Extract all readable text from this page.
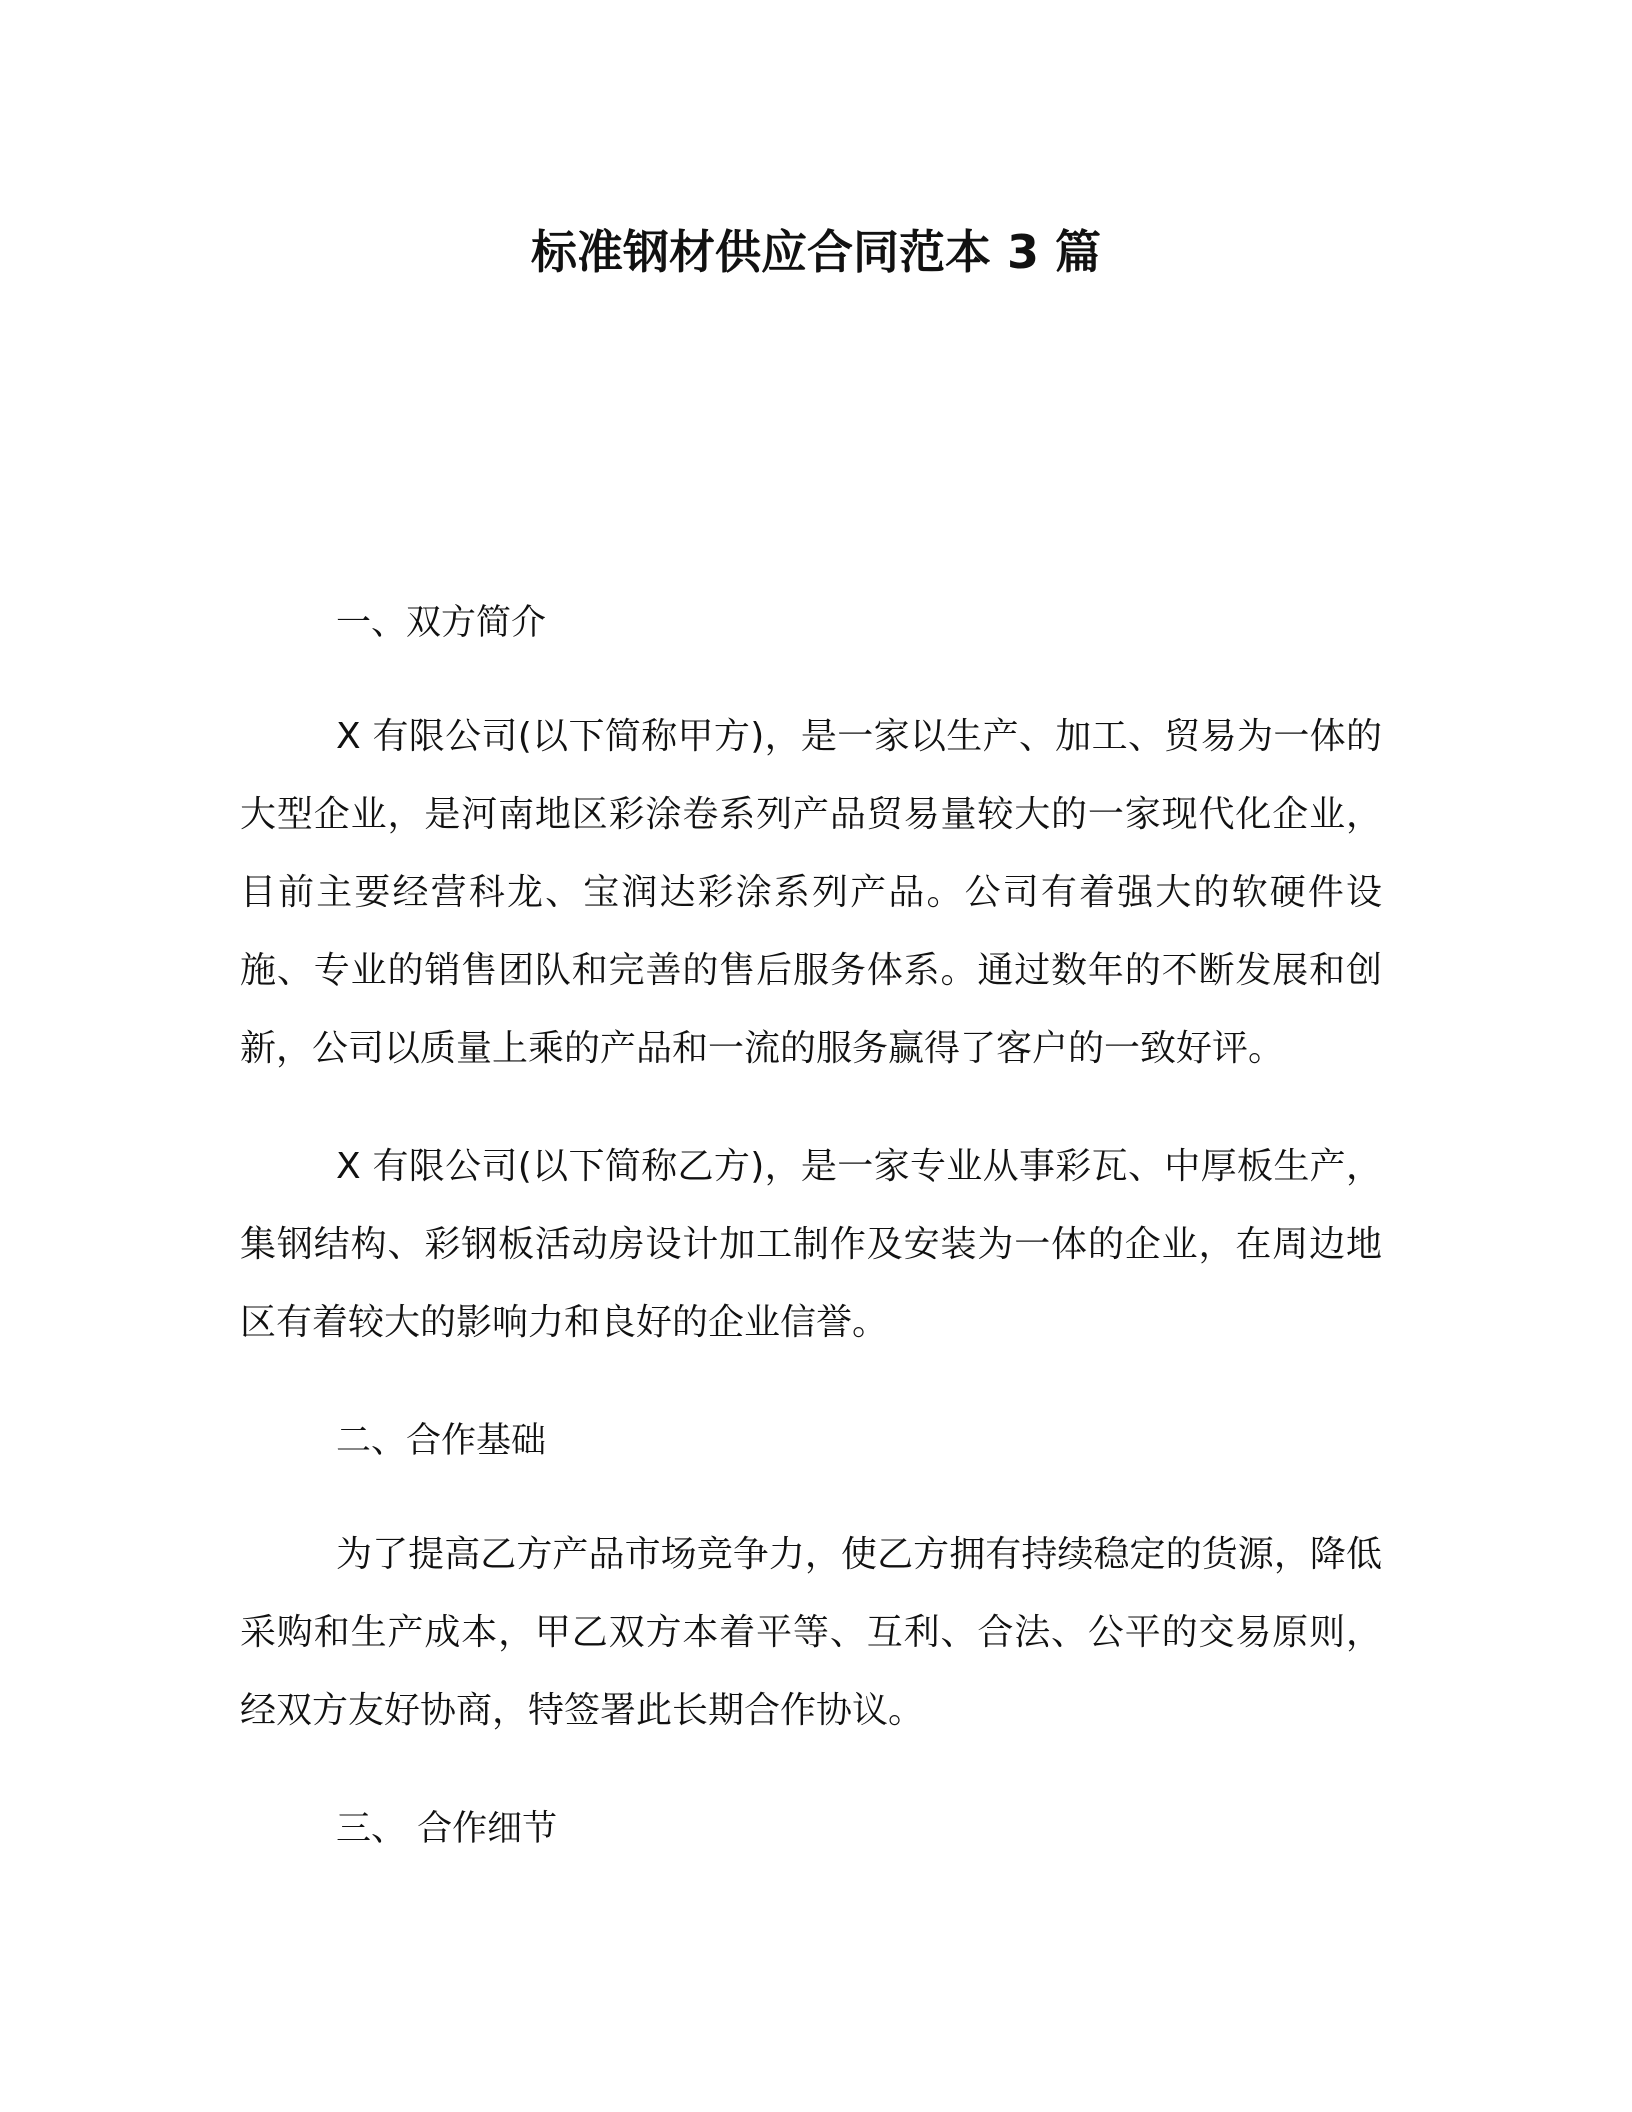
标准钢材供应合同范本 3 篇
一、双方简介

X 有限公司(以下简称甲方)，是一家以生产、加工、贸易为一体的大型企业，是河南地区彩涂卷系列产品贸易量较大的一家现代化企业，目前主要经营科龙、宝润达彩涂系列产品。公司有着强大的软硬件设施、专业的销售团队和完善的售后服务体系。通过数年的不断发展和创新，公司以质量上乘的产品和一流的服务赢得了客户的一致好评。

X 有限公司(以下简称乙方)，是一家专业从事彩瓦、中厚板生产，集钢结构、彩钢板活动房设计加工制作及安装为一体的企业，在周边地区有着较大的影响力和良好的企业信誉。

二、合作基础

为了提高乙方产品市场竞争力，使乙方拥有持续稳定的货源，降低采购和生产成本，甲乙双方本着平等、互利、合法、公平的交易原则，经双方友好协商，特签署此长期合作协议。

三、 合作细节
